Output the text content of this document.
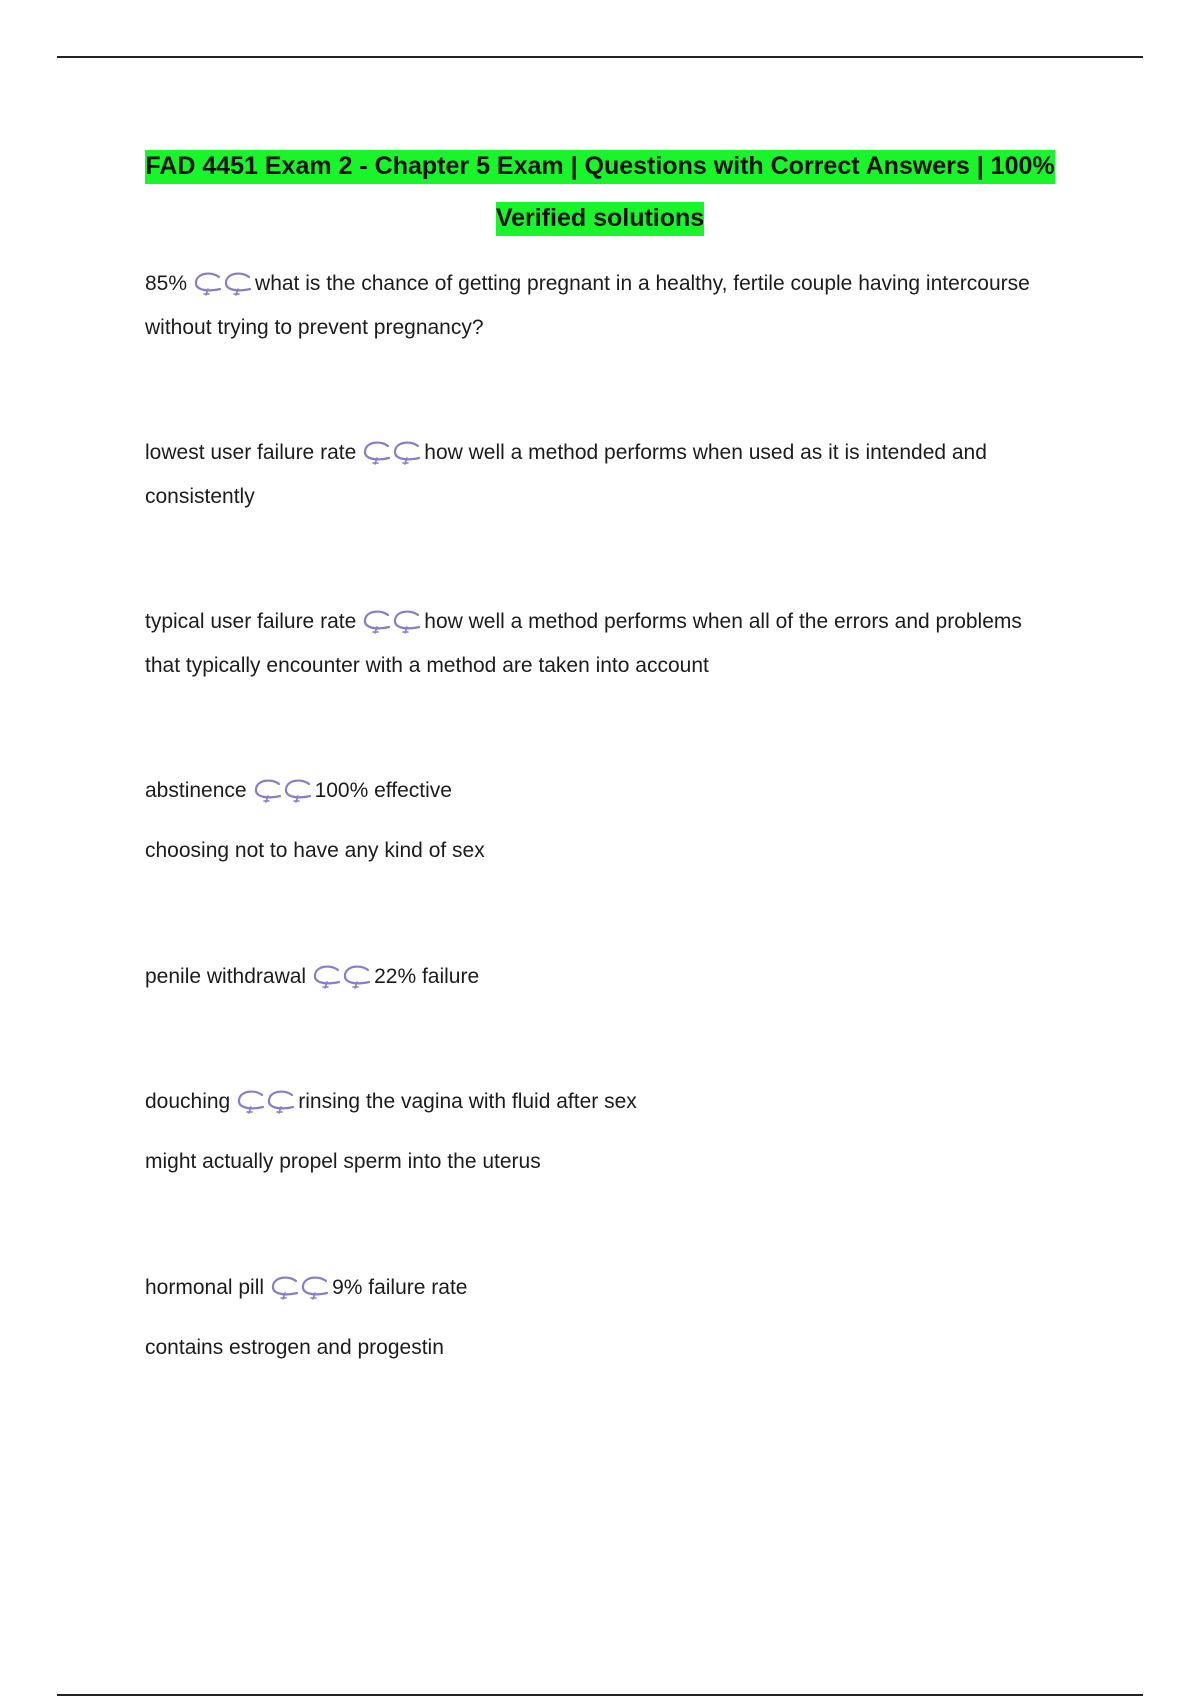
FAD 4451 Exam 2 - Chapter 5 Exam | Questions with Correct Answers | 100%
Verified solutions
85%	what is the chance of getting pregnant in a healthy, fertile couple having intercourse
without trying to prevent pregnancy?
lowest user failure rate	how well a method performs when used as it is intended and
consistently
typical user failure rate	how well a method performs when all of the errors and problems
that typically encounter with a method are taken into account
abstinence	100% effective
choosing not to have any kind of sex
penile withdrawal	22% failure
douching	rinsing the vagina with fluid after sex
might actually propel sperm into the uterus
hormonal pill	9% failure rate
contains estrogen and progestin
